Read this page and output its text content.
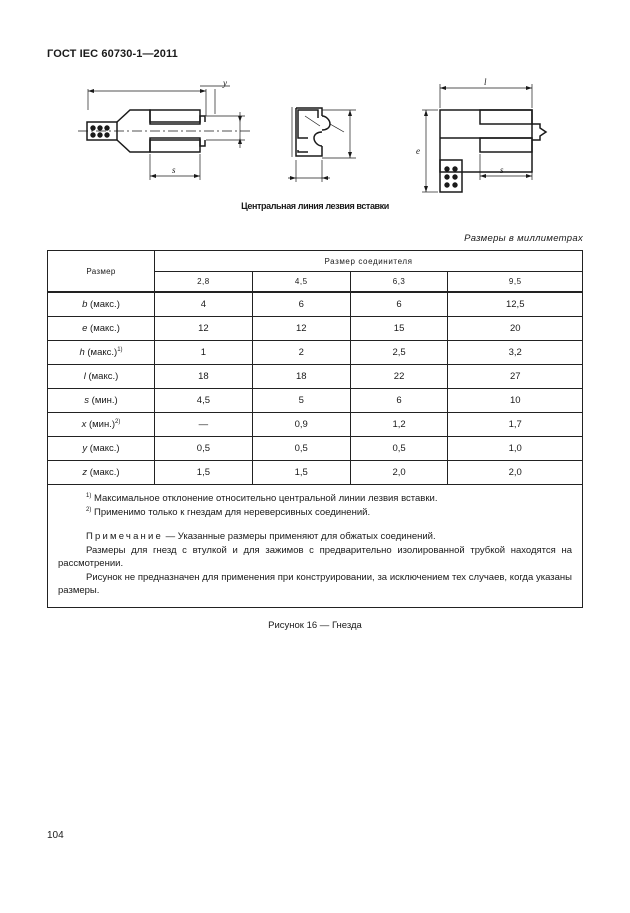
ГОСТ IEC 60730-1—2011
y
s
l
e
s
Центральная линия лезвия вставки
Размеры в миллиметрах
Размер	Размер соединителя			
	2,8	4,5	6,3	9,5
b (макс.)	4	6	6	12,5
e (макс.)	12	12	15	20
h (макс.)$^{1)}$	1	2	2,5	3,2
l (макс.)	18	18	22	27
s (мин.)	4,5	5	6	10
x $(мин.)^{2)}$	—	0,9	1,2	1,7
y (макс.)	0,5	0,5	0,5	1,0
z (макс.)	1,5	1,5	2,0	2,0

$^{1)}$ Максимальное отклонение относительно центральной линии лезвия вставки.
$^{2)}$ Применимо только к гнездам для нереверсивных соединений.

Примечание — Указанные размеры применяют для обжатых соединений.

Размеры для гнезд с втулкой и для зажимов с предварительно изолированной трубкой находятся на рассмотрении.

Рисунок не предназначен для применения при конструировании, за исключением тех случаев, когда указаны размеры.				

Рисунок 16 — Гнезда
104
